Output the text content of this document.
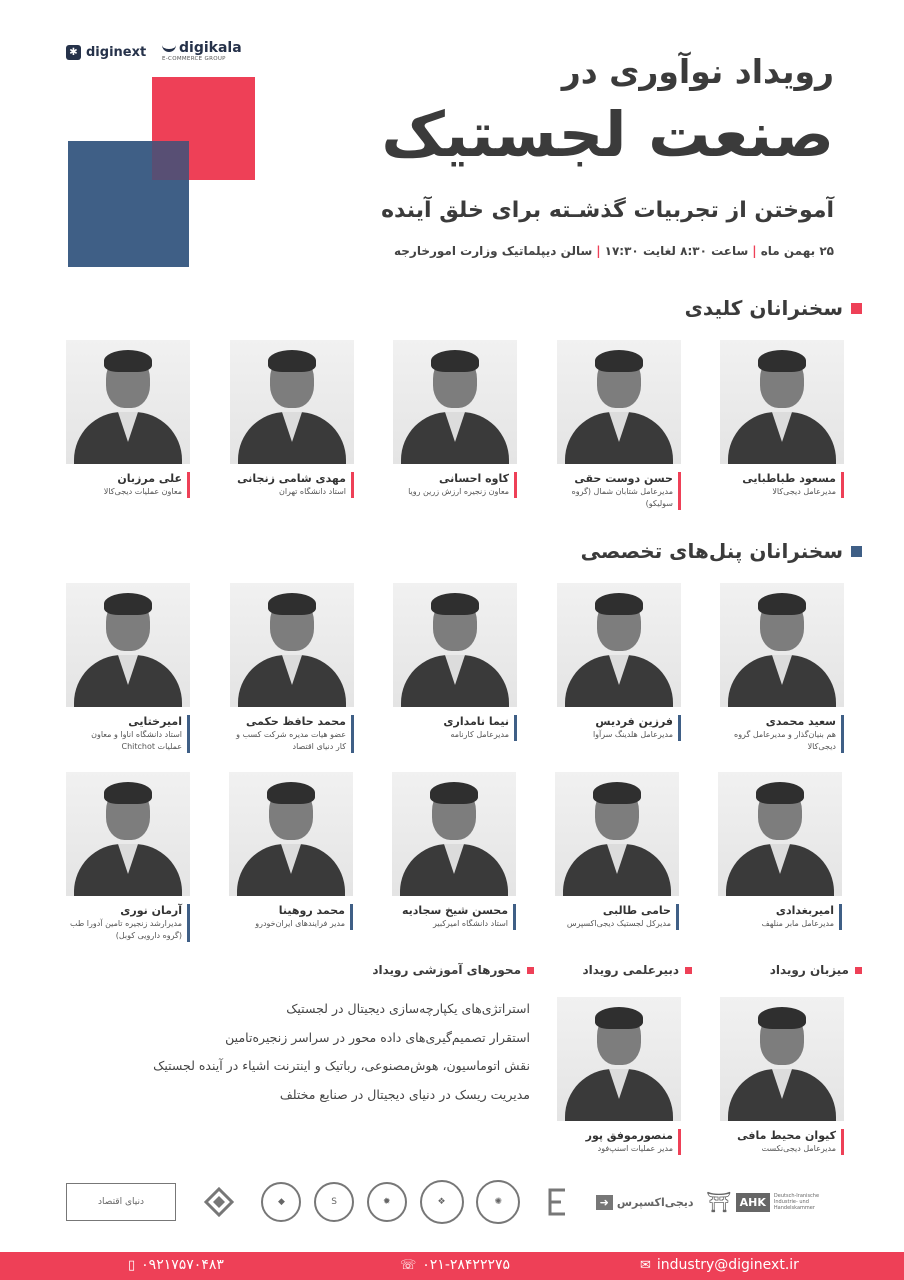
✱ diginext	digikala
E-COMMERCE GROUP	رویداد نوآوری در
صنعت لجستیک
آموختن از تجربیات گذشـته برای خلق آینده
۲۵ بهمن ماه|ساعت ۸:۳۰ لغایت ۱۷:۳۰|سالن دیپلماتیک وزارت امورخارجه
سخنرانان کلیدی
مسعود طباطبایی
مدیرعامل دیجی‌کالا
حسن دوست حقی
مدیرعامل شتابان شمال (گروه سولیکو)
کاوه احسانی
معاون زنجیره ارزش زرین رویا
مهدی شامی زنجانی
استاد دانشگاه تهران
علی مرزبان
معاون عملیات دیجی‌کالا
سخنرانان پنل‌های تخصصی
سعید محمدی
هم بنیان‌گذار و مدیرعامل گروه دیجی‌کالا
فرزین فردیس
مدیرعامل هلدینگ سرآوا
نیما نامداری
مدیرعامل کارنامه
محمد حافظ حکمی
عضو هیات مدیره شرکت کسب و کار دنیای اقتصاد
امیرختایی
استاد دانشگاه اناوا و معاون عملیات Chitchot
امیربغدادی
مدیرعامل مابر منلهف
حامی طالبی
مدیرکل لجستیک دیجی‌اکسپرس
محسن شیخ سجادیه
استاد دانشگاه امیرکبیر
محمد روهینا
مدیر فرایندهای ایران‌خودرو
آرمان نوری
مدیرارشد زنجیره تامین آدورا طب (گروه دارویی کوبل)
میزبان رویداد
دبیرعلمی رویداد
محورهای آموزشی رویداد
کیوان محیط مافی
مدیرعامل دیجی‌نکست
منصورموفق پور
مدیر عملیات اسنپ‌فود
استراتژی‌های یکپارچه‌سازی دیجیتال در لجستیک
استقرار تصمیم‌گیری‌های داده محور در سراسر زنجیره‌تامین
نقش اتوماسیون، هوش‌مصنوعی، رباتیک و اینترنت اشیاء در آینده لجستیک
مدیریت ریسک در دنیای دیجیتال در صنایع مختلف
دنیای اقتصاد	◆	S	✹	❖	✺	➜ دیجی‌اکسپرس ⛩ AHK	Deutsch-Iranische Industrie- und Handelskammer
▯ ۰۹۲۱۷۵۷۰۴۸۳	☏ ۰۲۱-۲۸۴۲۲۲۷۵	✉ industry@diginext.ir
